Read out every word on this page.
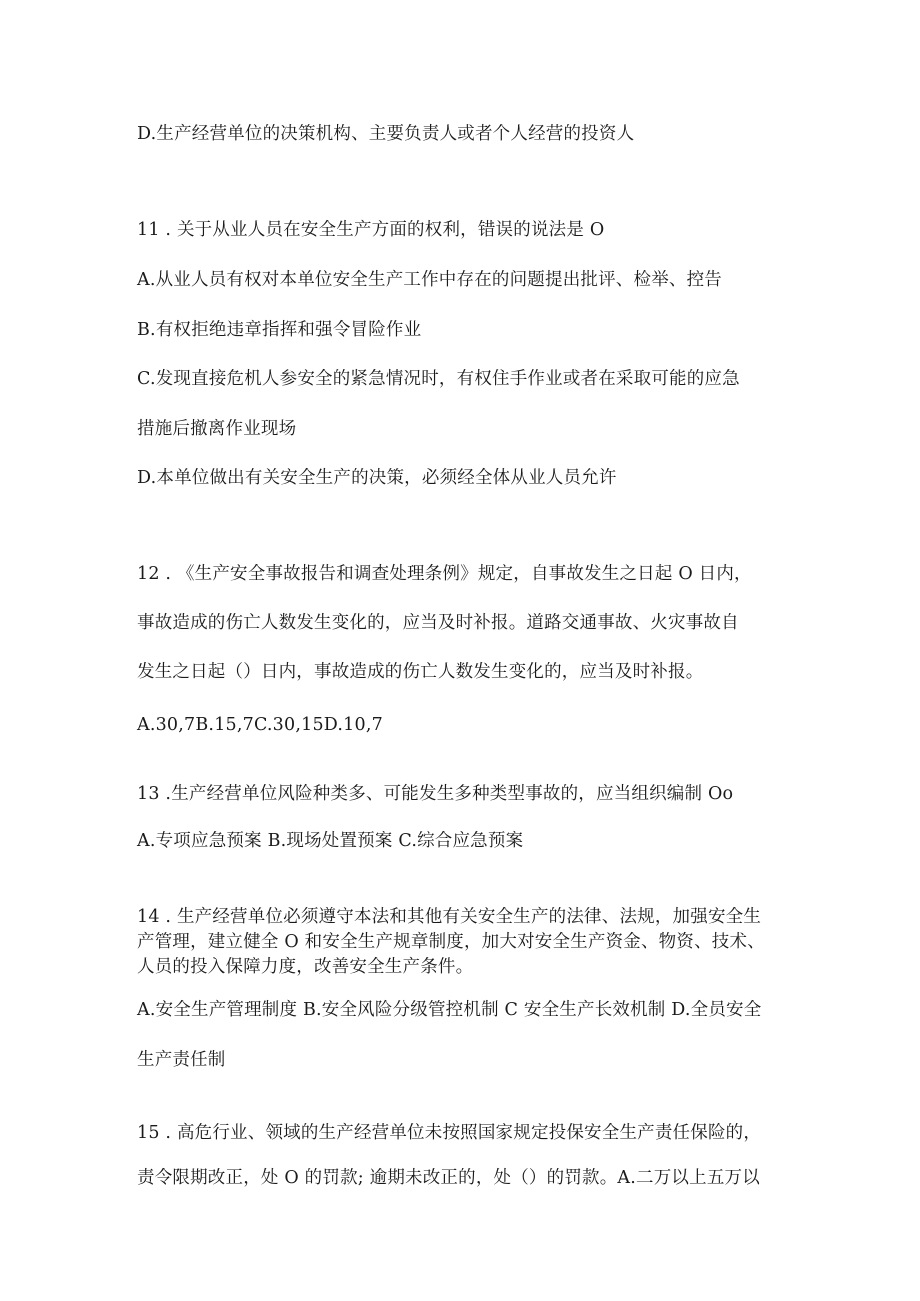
D.生产经营单位的决策机构、主要负责人或者个人经营的投资人
11 . 关于从业人员在安全生产方面的权利，错误的说法是 O
A.从业人员有权对本单位安全生产工作中存在的问题提出批评、检举、控告
B.有权拒绝违章指挥和强令冒险作业
C.发现直接危机人参安全的紧急情况时，有权住手作业或者在采取可能的应急
措施后撤离作业现场
D.本单位做出有关安全生产的决策，必须经全体从业人员允许
12 . 《生产安全事故报告和调查处理条例》规定，自事故发生之日起 O 日内，
事故造成的伤亡人数发生变化的，应当及时补报。道路交通事故、火灾事故自
发生之日起（）日内，事故造成的伤亡人数发生变化的，应当及时补报。
A.30,7B.15,7C.30,15D.10,7
13 .生产经营单位风险种类多、可能发生多种类型事故的，应当组织编制 Oo
A.专项应急预案 B.现场处置预案 C.综合应急预案
14 . 生产经营单位必须遵守本法和其他有关安全生产的法律、法规，加强安全生
产管理，建立健全 O 和安全生产规章制度，加大对安全生产资金、物资、技术、
人员的投入保障力度，改善安全生产条件。
A.安全生产管理制度 B.安全风险分级管控机制 C 安全生产长效机制 D.全员安全
生产责任制
15 . 高危行业、领域的生产经营单位未按照国家规定投保安全生产责任保险的，
责令限期改正，处 O 的罚款; 逾期未改正的，处（）的罚款。A.二万以上五万以
